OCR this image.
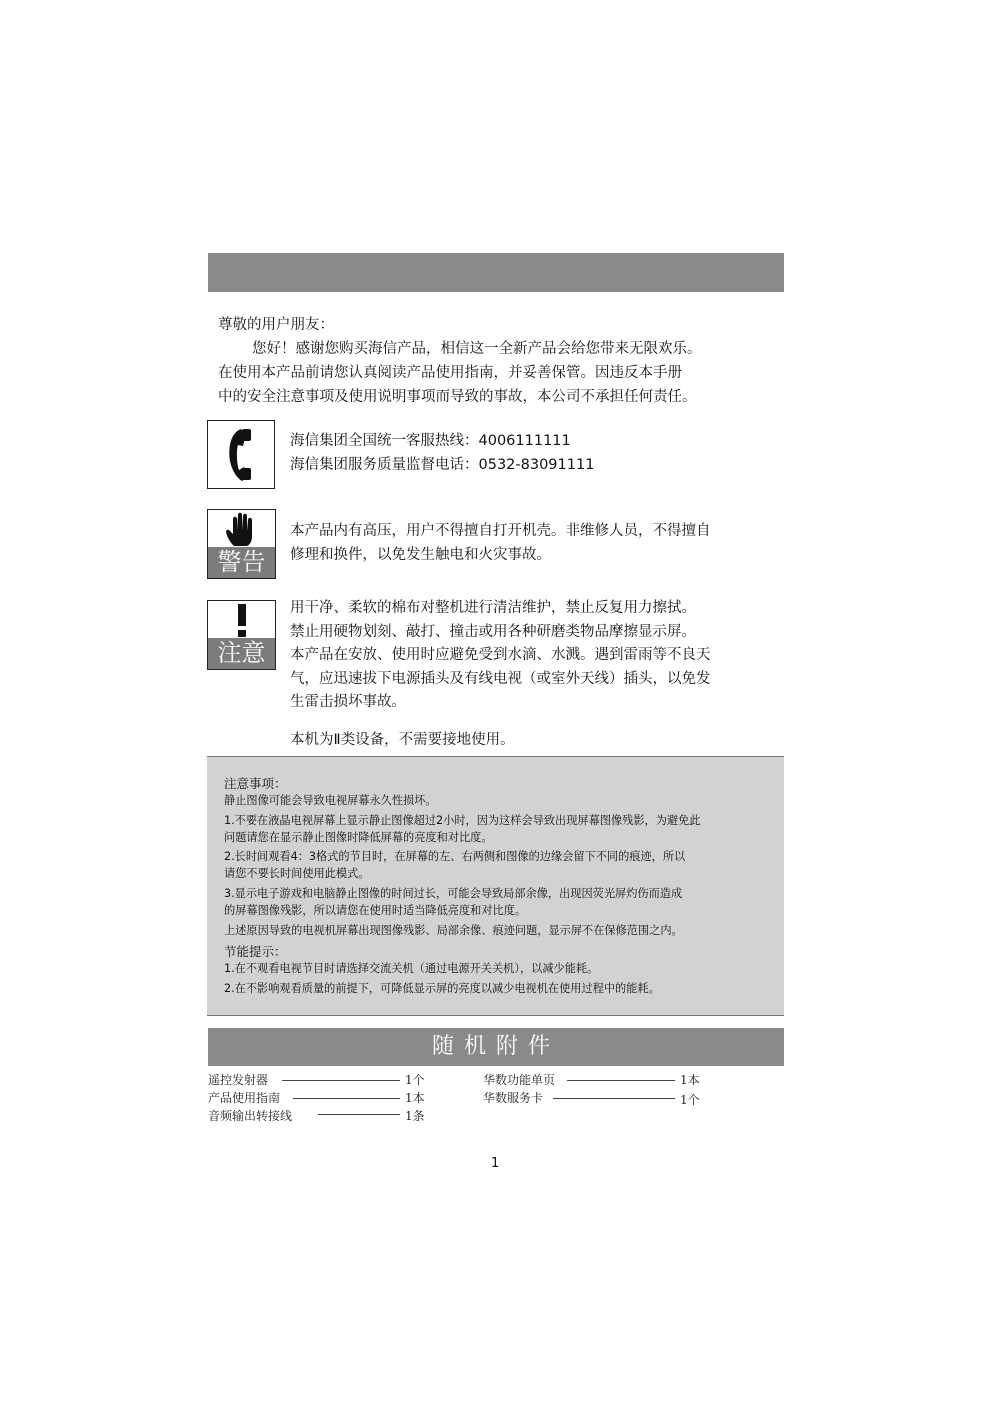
尊敬的用户朋友：

您好！感谢您购买海信产品，相信这一全新产品会给您带来无限欢乐。

在使用本产品前请您认真阅读产品使用指南，并妥善保管。因违反本手册

中的安全注意事项及使用说明事项而导致的事故，本公司不承担任何责任。

海信集团全国统一客服热线：4006111111

海信集团服务质量监督电话：0532-83091111

警告

本产品内有高压，用户不得擅自打开机壳。非维修人员，不得擅自

修理和换件，以免发生触电和火灾事故。

注意

用干净、柔软的棉布对整机进行清洁维护，禁止反复用力擦拭。

禁止用硬物划刻、敲打、撞击或用各种研磨类物品摩擦显示屏。

本产品在安放、使用时应避免受到水滴、水溅。遇到雷雨等不良天

气，应迅速拔下电源插头及有线电视（或室外天线）插头，以免发

生雷击损坏事故。

本机为Ⅱ类设备，不需要接地使用。

注意事项：

静止图像可能会导致电视屏幕永久性损坏。

1.不要在液晶电视屏幕上显示静止图像超过2小时，因为这样会导致出现屏幕图像残影，为避免此

问题请您在显示静止图像时降低屏幕的亮度和对比度。

2.长时间观看4：3格式的节目时，在屏幕的左、右两侧和图像的边缘会留下不同的痕迹，所以

请您不要长时间使用此模式。

3.显示电子游戏和电脑静止图像的时间过长，可能会导致局部余像，出现因荧光屏灼伤而造成

的屏幕图像残影，所以请您在使用时适当降低亮度和对比度。

上述原因导致的电视机屏幕出现图像残影、局部余像、痕迹问题，显示屏不在保修范围之内。

节能提示：

1.在不观看电视节目时请选择交流关机（通过电源开关关机），以减少能耗。

2.在不影响观看质量的前提下，可降低显示屏的亮度以减少电视机在使用过程中的能耗。

随机附件
遥控发射器	1个
产品使用指南	1本
音频输出转接线	1条
华数功能单页	1本
华数服务卡	1个
1
